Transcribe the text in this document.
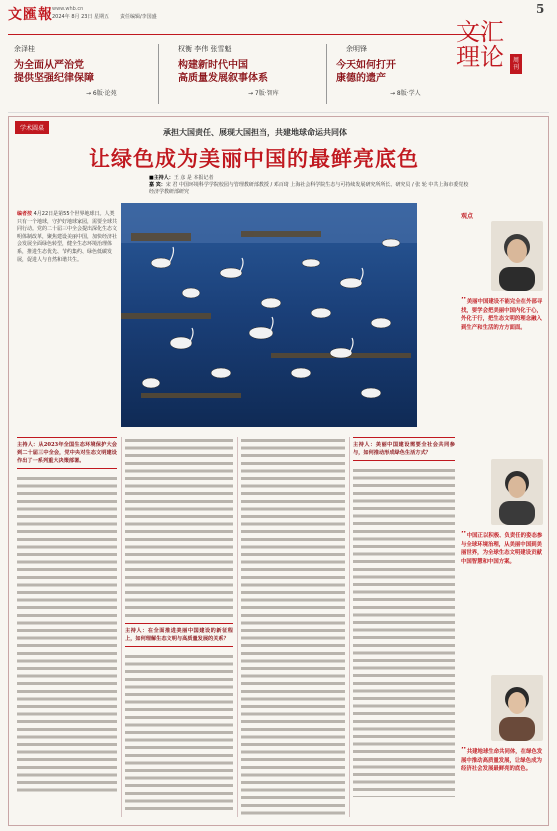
文匯報 www.whb.cn
2024年 8月 23日 星期五 责任编辑/李国盛
5
余泽桂
为全面从严治党
提供坚强纪律保障
→ 6版·论苑
权衡 李伟 张雪魁
构建新时代中国
高质量发展叙事体系
→ 7版·智库
余明锋
今天如何打开
康德的遗产
→ 8版·学人
文汇
理论	周刊
学术圆桌	承担大国责任、展现大国担当，共建地球命运共同体
让绿色成为美丽中国的最鲜亮底色
■主持人：王 彦 是 本报记者
嘉 宾：宋 君 中国环境科学学院校园与管理教研部教授 / 邓百琦 上海社会科学院生态与可持续发展研究所所长、研究员 / 张 轮 中共上海市委党校经济学教研部研究
编者按 4月22日是第55个世界地球日。人类只有一个地球，守护好地球家园，需要全球共同行动。党的二十届三中全会提出深化生态文明体制改革，聚焦建设美丽中国，加快经济社会发展全面绿色转型，健全生态环境治理体系，推进生态优先、节约集约、绿色低碳发展，促进人与自然和谐共生。
观点
“美丽中国建设不能完全在外部寻找，要学会把美丽中国内化于心，外化于行，把生态文明的理念融入到生产和生活的方方面面。
“中国正以积极、负责任的姿态参与全球环境治理，从美丽中国到美丽世界，为全球生态文明建设贡献中国智慧和中国方案。
“共建地球生命共同体，在绿色发展中推动高质量发展，让绿色成为经济社会发展最鲜亮的底色。
主持人：从2023年全国生态环境保护大会到二十届三中全会，党中央对生态文明建设作出了一系列重大决策部署。
主持人：在全面推进美丽中国建设的新征程上，如何理解生态文明与高质量发展的关系？
主持人：美丽中国建设需要全社会共同参与，如何推动形成绿色生活方式？
